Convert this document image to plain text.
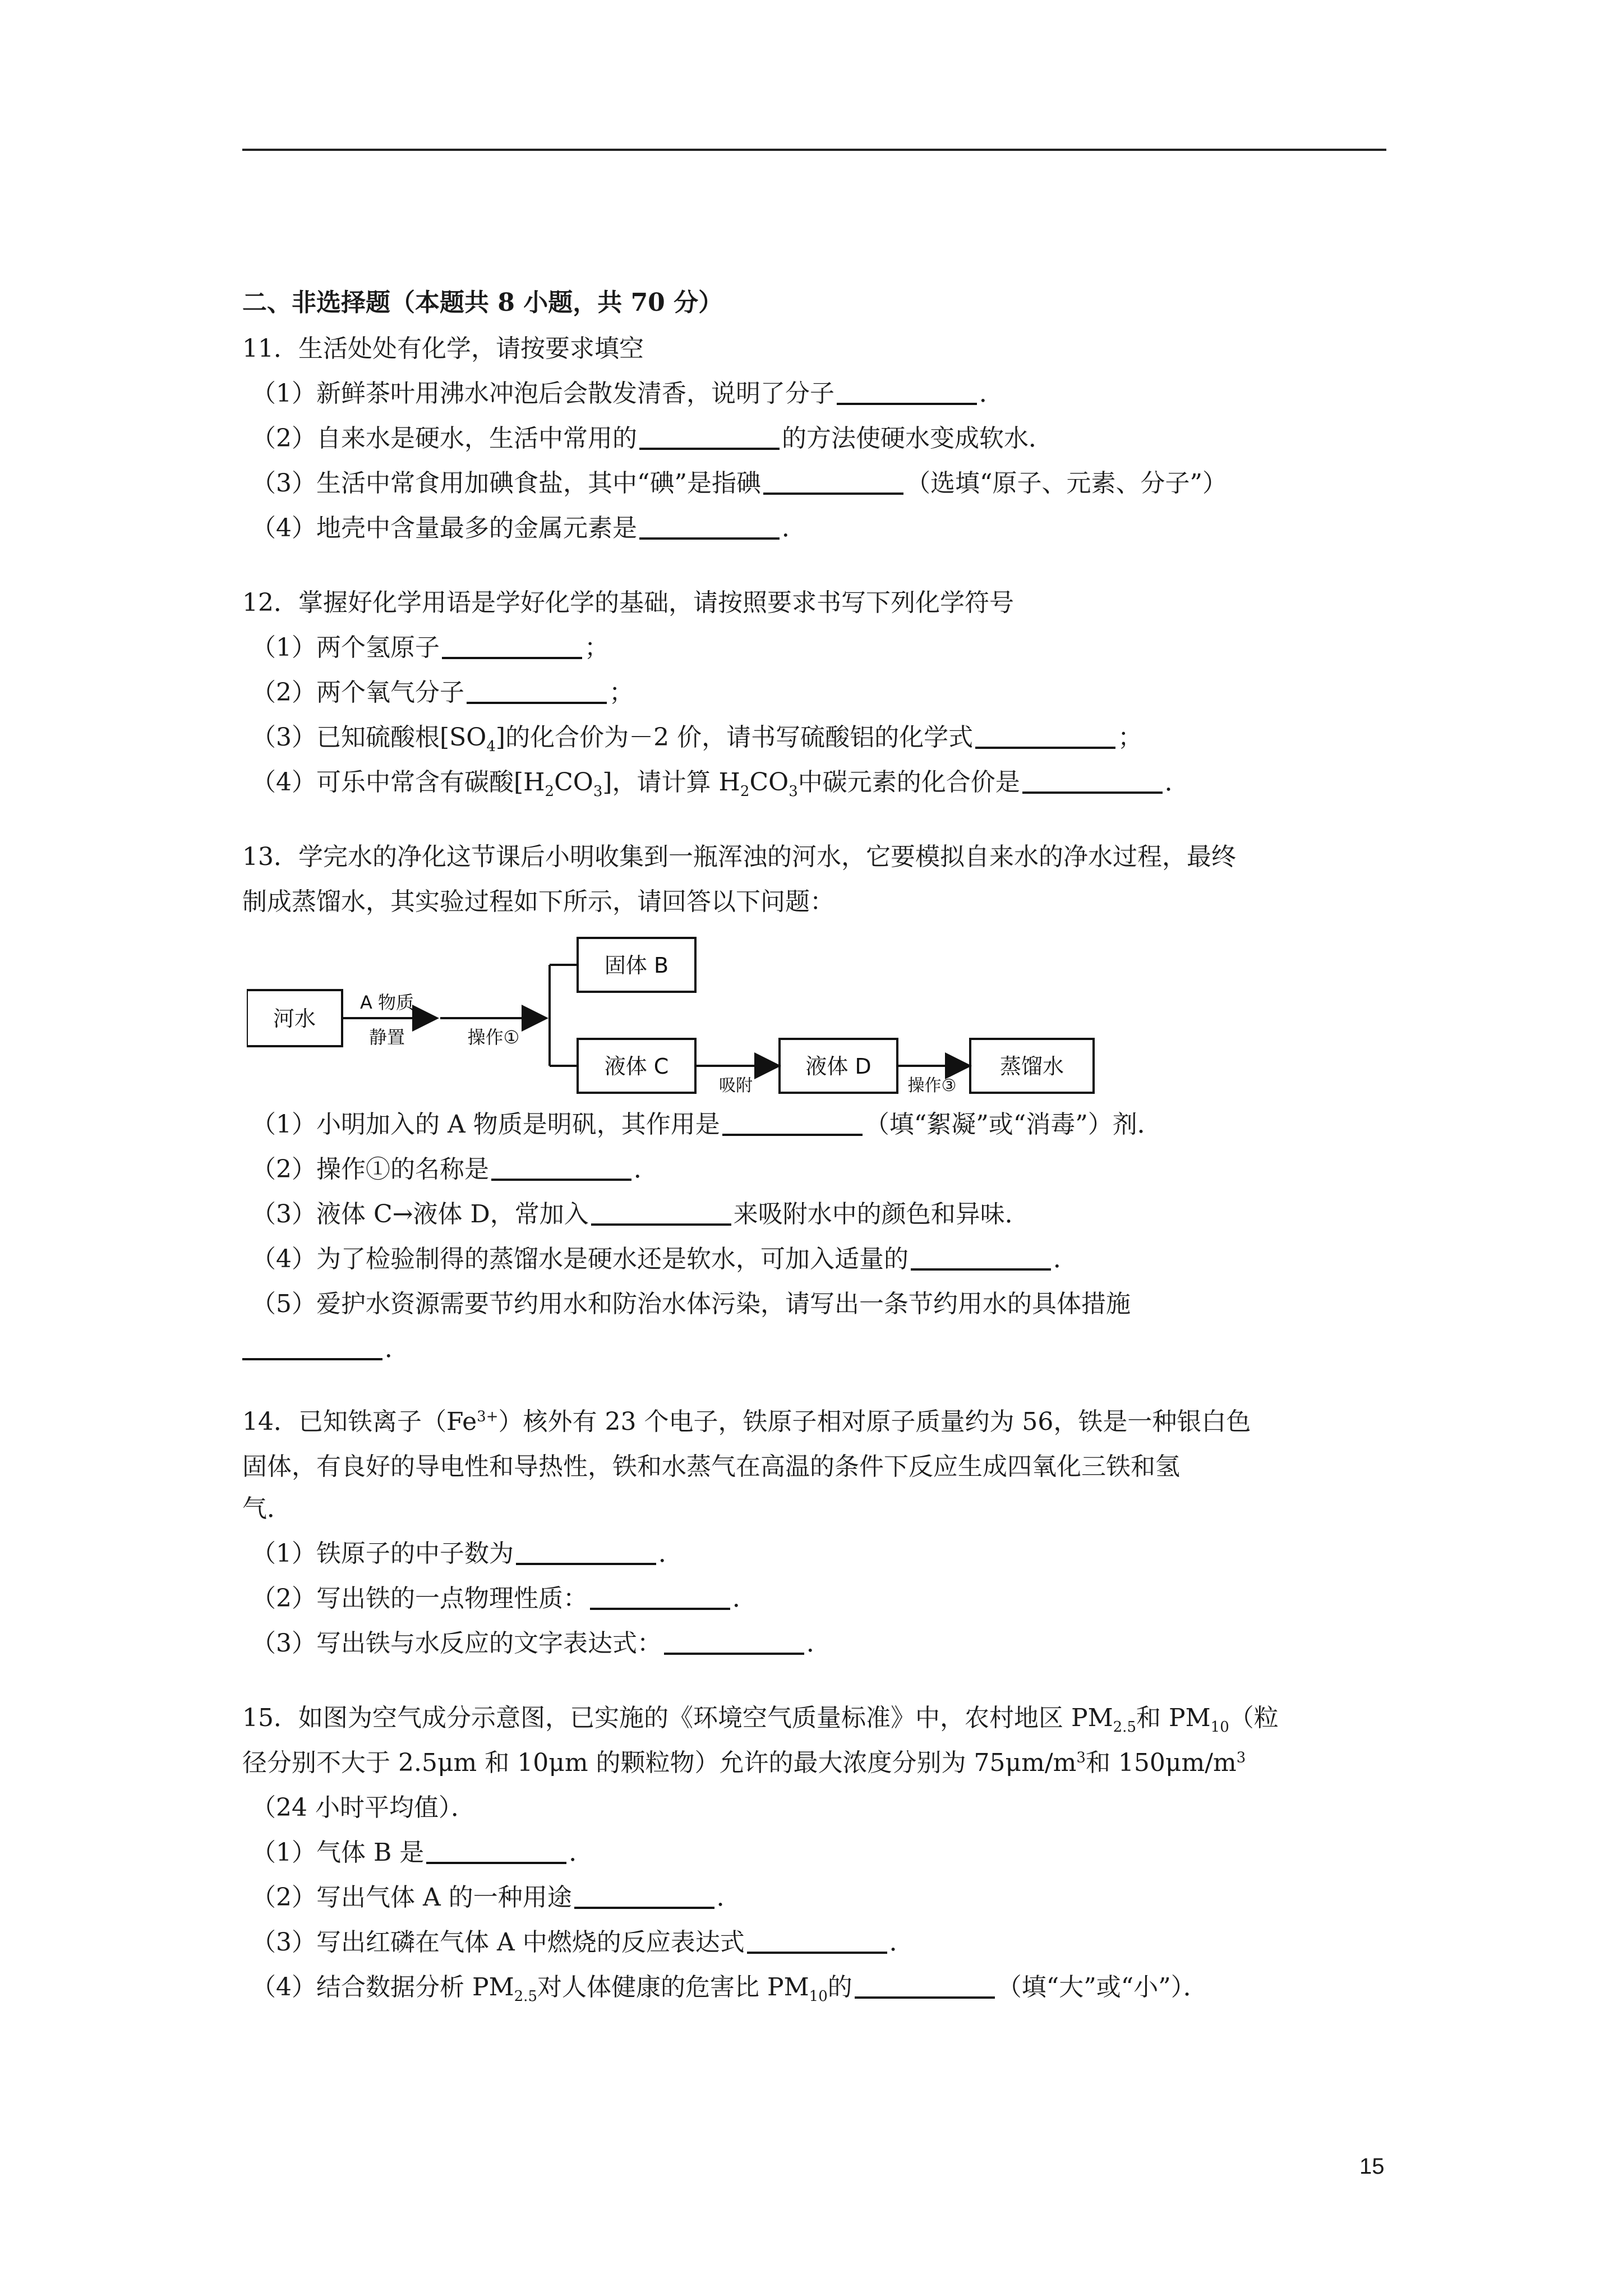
二、非选择题（本题共 8 小题，共 70 分）
11．生活处处有化学，请按要求填空
（1）新鲜茶叶用沸水冲泡后会散发清香，说明了分子	．
（2）自来水是硬水，生活中常用的	的方法使硬水变成软水．
（3）生活中常食用加碘食盐，其中“碘”是指碘	（选填“原子、元素、分子”）
（4）地壳中含量最多的金属元素是	．
12．掌握好化学用语是学好化学的基础，请按照要求书写下列化学符号
（1）两个氢原子	；
（2）两个氧气分子	；
（3）已知硫酸根$[SO_4]$的化合价为－2 价，请书写硫酸铝的化学式	；
（4）可乐中常含有碳酸$[H_2CO_3]$，请计算 $H_2CO_3$中碳元素的化合价是	．
13．学完水的净化这节课后小明收集到一瓶浑浊的河水，它要模拟自来水的净水过程，最终
制成蒸馏水，其实验过程如下所示，请回答以下问题：
河水
A 物质
静置	操作①
固体 B
液体 C
吸附
液体 D
操作③
蒸馏水
（1）小明加入的 A 物质是明矾，其作用是	（填“絮凝”或“消毒”）剂．
（2）操作①的名称是	．
（3）液体 C→液体 D，常加入	来吸附水中的颜色和异味．
（4）为了检验制得的蒸馏水是硬水还是软水，可加入适量的	．
（5）爱护水资源需要节约用水和防治水体污染，请写出一条节约用水的具体措施
．
14．已知铁离子$(Fe^{3+})$核外有 23 个电子，铁原子相对原子质量约为 56，铁是一种银白色
固体，有良好的导电性和导热性，铁和水蒸气在高温的条件下反应生成四氧化三铁和氢
气．
（1）铁原子的中子数为	．
（2）写出铁的一点物理性质：	．
（3）写出铁与水反应的文字表达式：	．
15．如图为空气成分示意图，已实施的《环境空气质量标准》中，农村地区 $PM_{2.5}$和 $PM_{10}$（粒
径分别不大于 2.5μm 和 10μm 的颗粒物）允许的最大浓度分别为 $75\mu m/m^3$和 $150\mu m/m^3$
（24 小时平均值）．
（1）气体 B 是	．
（2）写出气体 A 的一种用途	．
（3）写出红磷在气体 A 中燃烧的反应表达式	．
（4）结合数据分析 $PM_{2.5}$对人体健康的危害比 $PM_{10}$的	（填“大”或“小”）．
15
